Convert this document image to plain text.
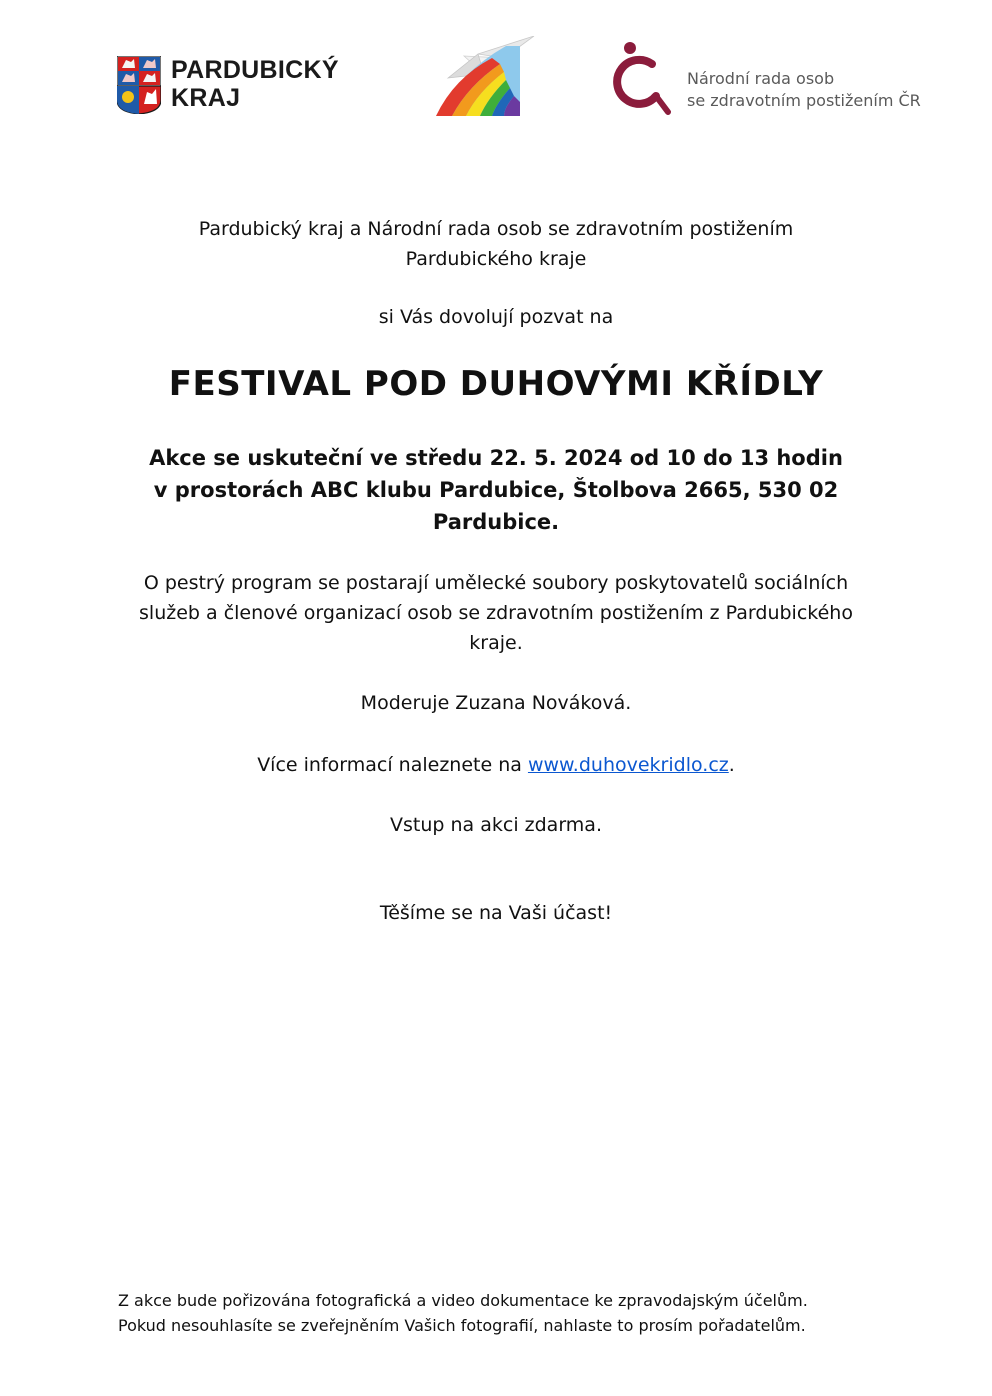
PARDUBICKÝ
KRAJ
Národní rada osob
se zdravotním postižením ČR

Pardubický kraj a Národní rada osob se zdravotním postižením
Pardubického kraje

si Vás dovolují pozvat na

FESTIVAL POD DUHOVÝMI KŘÍDLY

Akce se uskuteční ve středu 22. 5. 2024 od 10 do 13 hodin
v prostorách ABC klubu Pardubice, Štolbova 2665, 530 02
Pardubice.

O pestrý program se postarají umělecké soubory poskytovatelů sociálních
služeb a členové organizací osob se zdravotním postižením z Pardubického
kraje.

Moderuje Zuzana Nováková.

Více informací naleznete na www.duhovekridlo.cz.

Vstup na akci zdarma.

Těšíme se na Vaši účast!

Z akce bude pořizována fotografická a video dokumentace ke zpravodajským účelům.
Pokud nesouhlasíte se zveřejněním Vašich fotografií, nahlaste to prosím pořadatelům.
